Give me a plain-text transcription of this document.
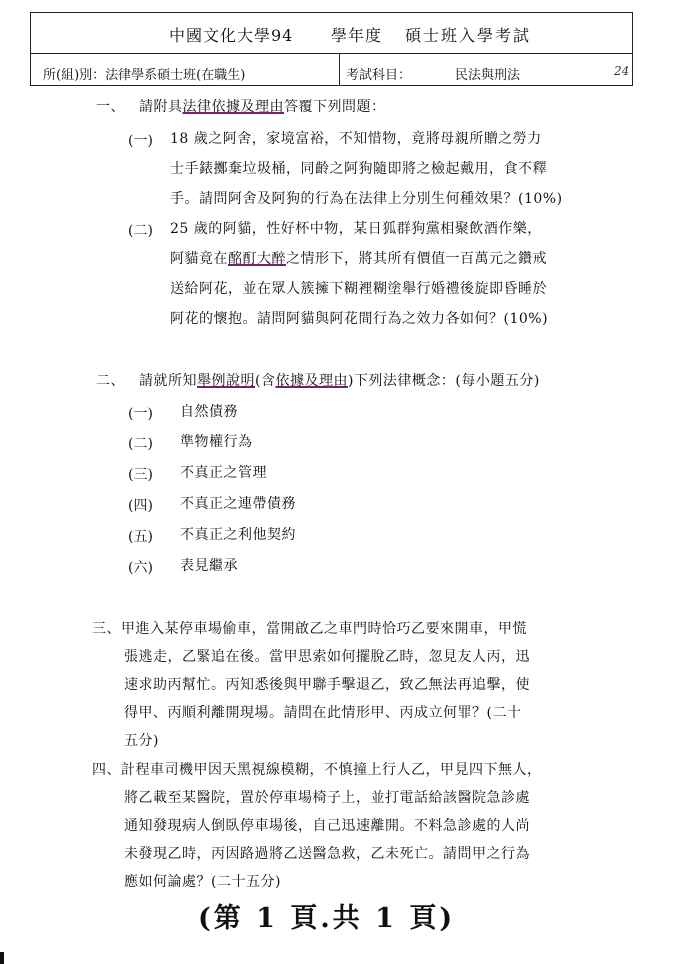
中國文化大學94 學年度 碩士班入學考試
所(組)別：法律學系碩士班(在職生)	考試科目：	民法與刑法	24
一、 請附具法律依據及理由答覆下列問題：
(一) 18 歲之阿舍，家境富裕，不知惜物，竟將母親所贈之勞力
士手錶擲棄垃圾桶，同齡之阿狗隨即將之檢起戴用，食不釋
手。請問阿舍及阿狗的行為在法律上分別生何種效果？(10%)
(二) 25 歲的阿貓，性好杯中物，某日狐群狗黨相聚飲酒作樂，
阿貓竟在酩酊大醉之情形下，將其所有價值一百萬元之鑽戒
送給阿花，並在眾人簇擁下糊裡糊塗舉行婚禮後旋即昏睡於
阿花的懷抱。請問阿貓與阿花間行為之效力各如何？(10%)
二、 請就所知舉例說明(含依據及理由)下列法律概念：(每小題五分)
(一) 自然債務
(二) 準物權行為
(三) 不真正之管理
(四) 不真正之連帶債務
(五) 不真正之利他契約
(六) 表見繼承
三、甲進入某停車場偷車，當開啟乙之車門時恰巧乙要來開車，甲慌
張逃走，乙緊追在後。當甲思索如何擺脫乙時，忽見友人丙，迅
速求助丙幫忙。丙知悉後與甲聯手擊退乙，致乙無法再追擊，使
得甲、丙順利離開現場。請問在此情形甲、丙成立何罪？(二十
五分)
四、計程車司機甲因天黑視線模糊，不慎撞上行人乙，甲見四下無人，
將乙載至某醫院，置於停車場椅子上，並打電話給該醫院急診處
通知發現病人倒臥停車場後，自己迅速離開。不料急診處的人尚
未發現乙時，丙因路過將乙送醫急救，乙未死亡。請問甲之行為
應如何論處？(二十五分)
(第 1 頁.共 1 頁)
